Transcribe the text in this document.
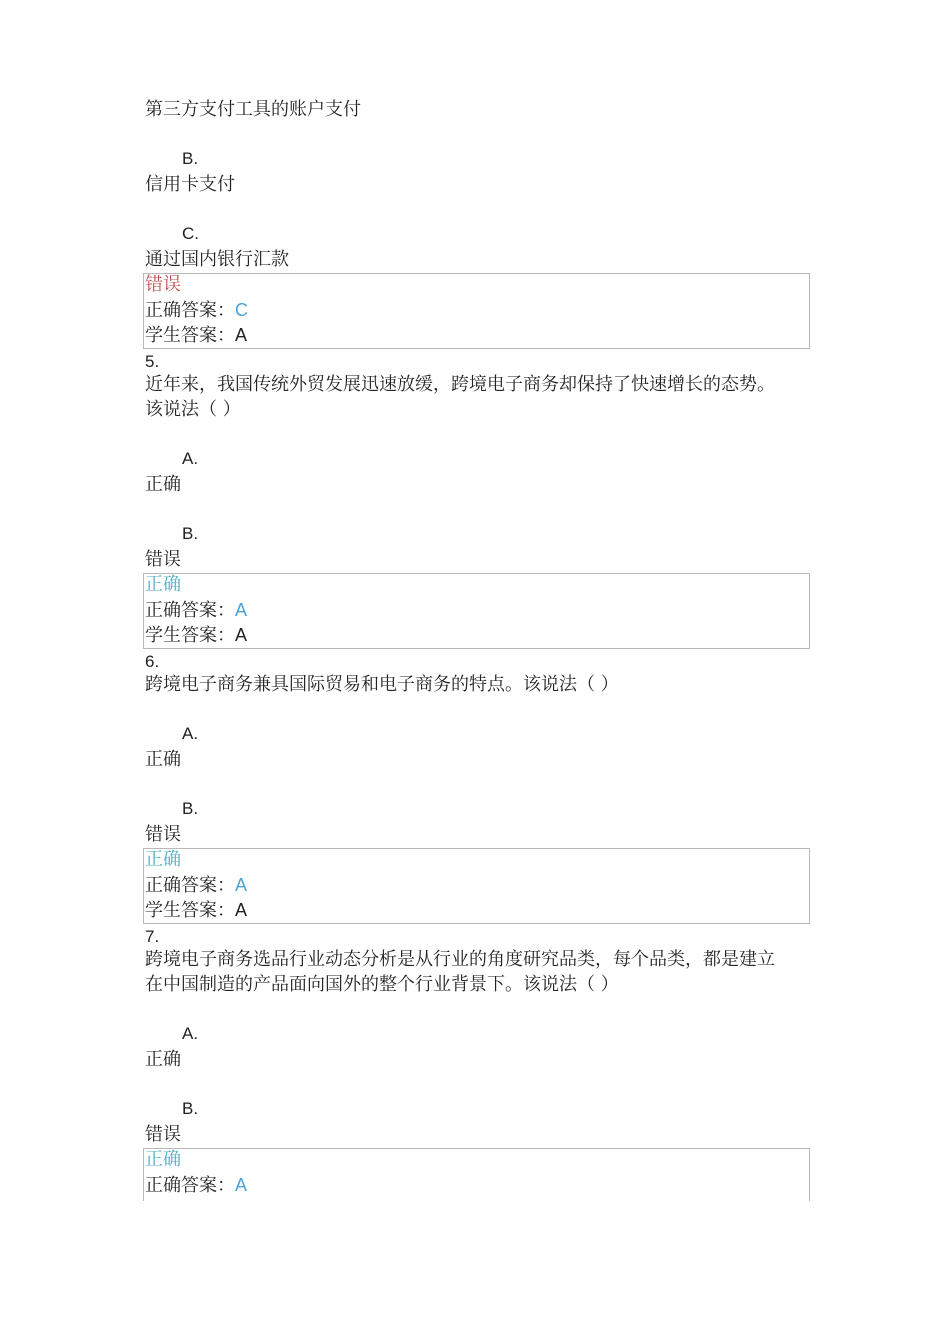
第三方支付工具的账户支付
B.
信用卡支付
C.
通过国内银行汇款
错误
正确答案：C
学生答案：A
5.
近年来，我国传统外贸发展迅速放缓，跨境电子商务却保持了快速增长的态势。
该说法（ ）
A.
正确
B.
错误
正确
正确答案：A
学生答案：A
6.
跨境电子商务兼具国际贸易和电子商务的特点。该说法（ ）
A.
正确
B.
错误
正确
正确答案：A
学生答案：A
7.
跨境电子商务选品行业动态分析是从行业的角度研究品类，每个品类，都是建立
在中国制造的产品面向国外的整个行业背景下。该说法（ ）
A.
正确
B.
错误
正确
正确答案：A
